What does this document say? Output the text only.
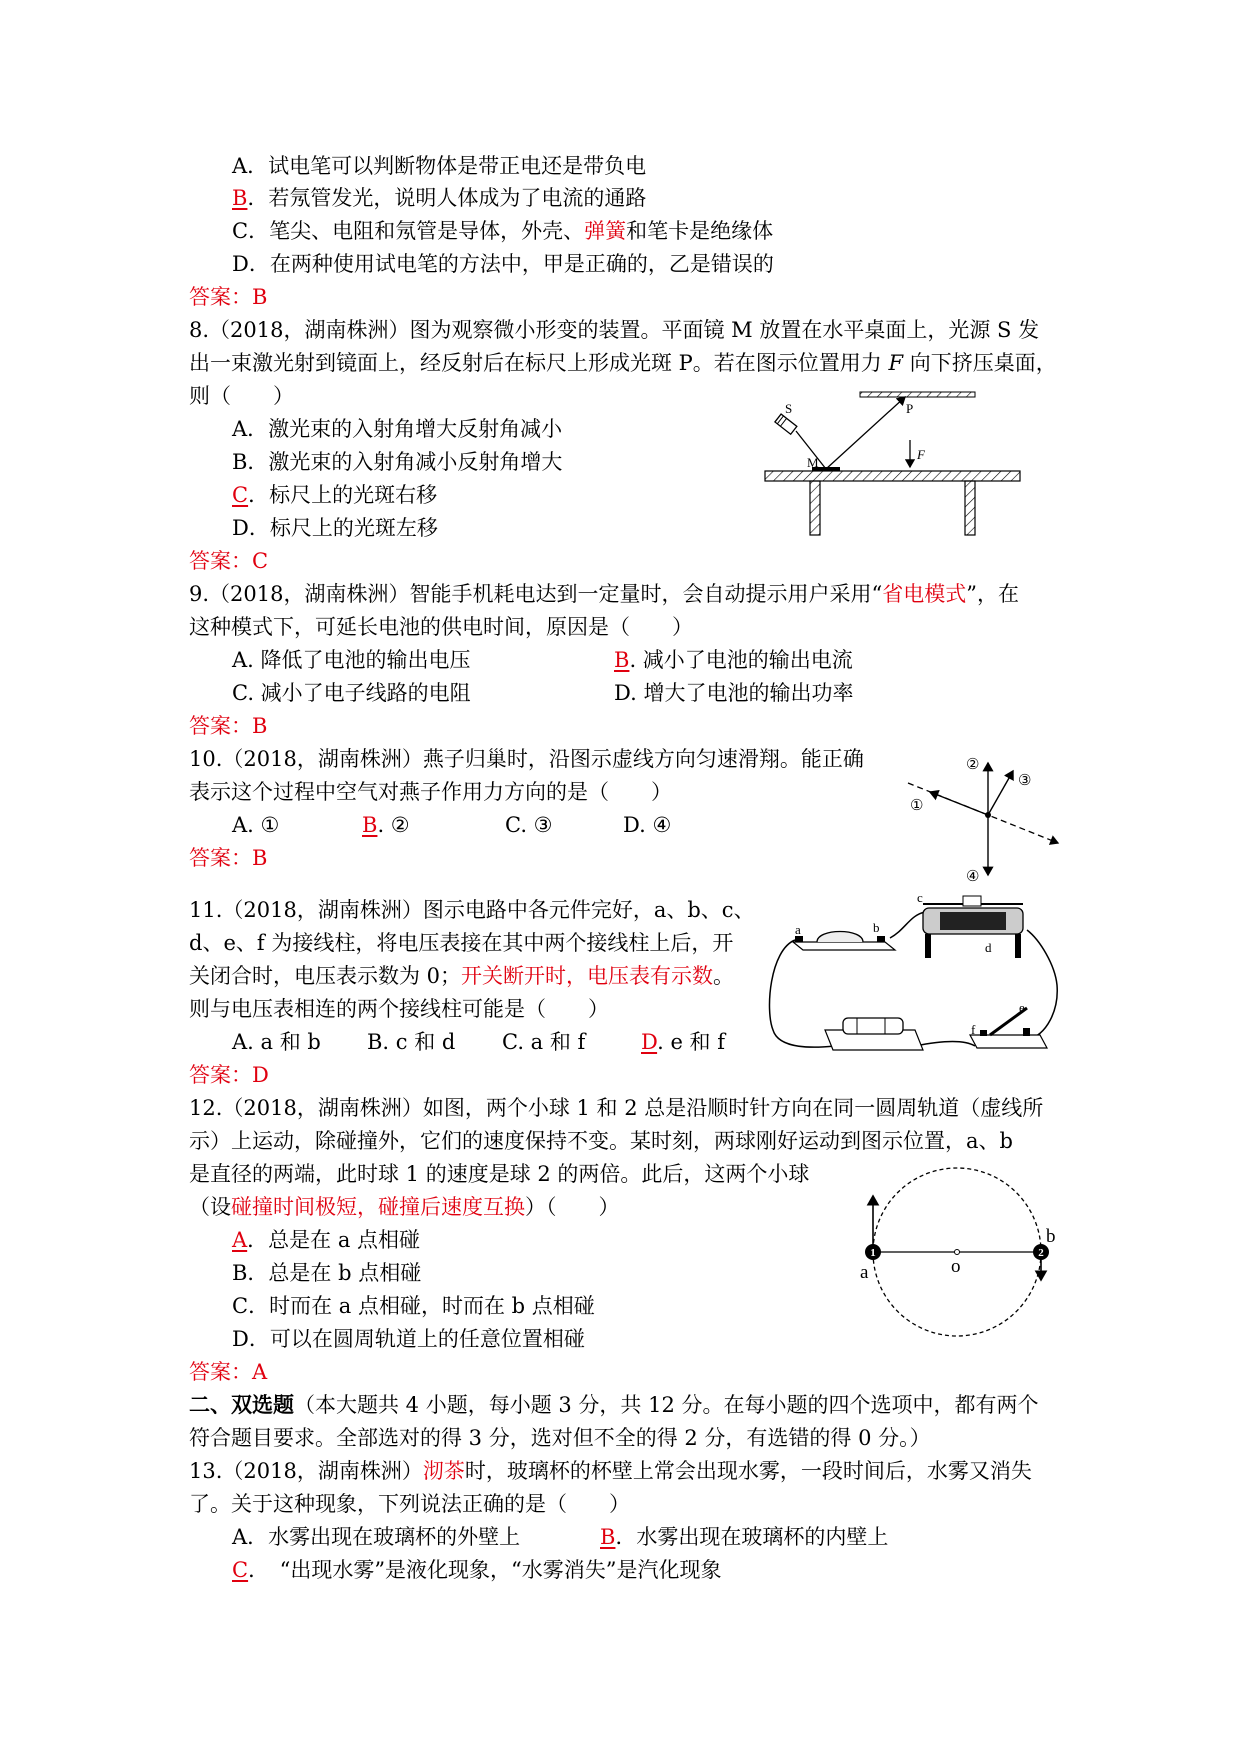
A．试电笔可以判断物体是带正电还是带负电
B．若氖管发光，说明人体成为了电流的通路
C．笔尖、电阻和氖管是导体，外壳、弹簧和笔卡是绝缘体
D．在两种使用试电笔的方法中，甲是正确的，乙是错误的
答案：B
8.（2018，湖南株洲）图为观察微小形变的装置。平面镜 M 放置在水平桌面上，光源 S 发
出一束激光射到镜面上，经反射后在标尺上形成光斑 P。若在图示位置用力 F 向下挤压桌面，
则（　　）
A．激光束的入射角增大反射角减小
B．激光束的入射角减小反射角增大
C．标尺上的光斑右移
D．标尺上的光斑左移
答案：C
S	P
M
F
9.（2018，湖南株洲）智能手机耗电达到一定量时，会自动提示用户采用“省电模式”，在
这种模式下，可延长电池的供电时间，原因是（　　）
A. 降低了电池的输出电压	B. 减小了电池的输出电流
C. 减小了电子线路的电阻	D. 增大了电池的输出功率
答案：B
10.（2018，湖南株洲）燕子归巢时，沿图示虚线方向匀速滑翔。能正确
表示这个过程中空气对燕子作用力方向的是（　　）
A. ①	B. ②	C. ③	D. ④
答案：B
①
②
③
④
11.（2018，湖南株洲）图示电路中各元件完好，a、b、c、
d、e、f 为接线柱，将电压表接在其中两个接线柱上后，开
关闭合时，电压表示数为 0；开关断开时，电压表有示数。
则与电压表相连的两个接线柱可能是（　　）
A. a 和 b B. c 和 d C. a 和 f	D. e 和 f
答案：D
a	b
c
d
e
f
12.（2018，湖南株洲）如图，两个小球 1 和 2 总是沿顺时针方向在同一圆周轨道（虚线所
示）上运动，除碰撞外，它们的速度保持不变。某时刻，两球刚好运动到图示位置，a、b
是直径的两端，此时球 1 的速度是球 2 的两倍。此后，这两个小球
（设碰撞时间极短，碰撞后速度互换）（　　）
A．总是在 a 点相碰
B．总是在 b 点相碰
C．时而在 a 点相碰，时而在 b 点相碰
D．可以在圆周轨道上的任意位置相碰
答案：A
1	2
a
b
o
二、双选题（本大题共 4 小题，每小题 3 分，共 12 分。在每小题的四个选项中，都有两个
符合题目要求。全部选对的得 3 分，选对但不全的得 2 分，有选错的得 0 分。）
13.（2018，湖南株洲）沏茶时，玻璃杯的杯壁上常会出现水雾，一段时间后，水雾又消失
了。关于这种现象，下列说法正确的是（　　）
A．水雾出现在玻璃杯的外壁上	B．水雾出现在玻璃杯的内壁上
C．　“出现水雾”是液化现象，“水雾消失”是汽化现象
